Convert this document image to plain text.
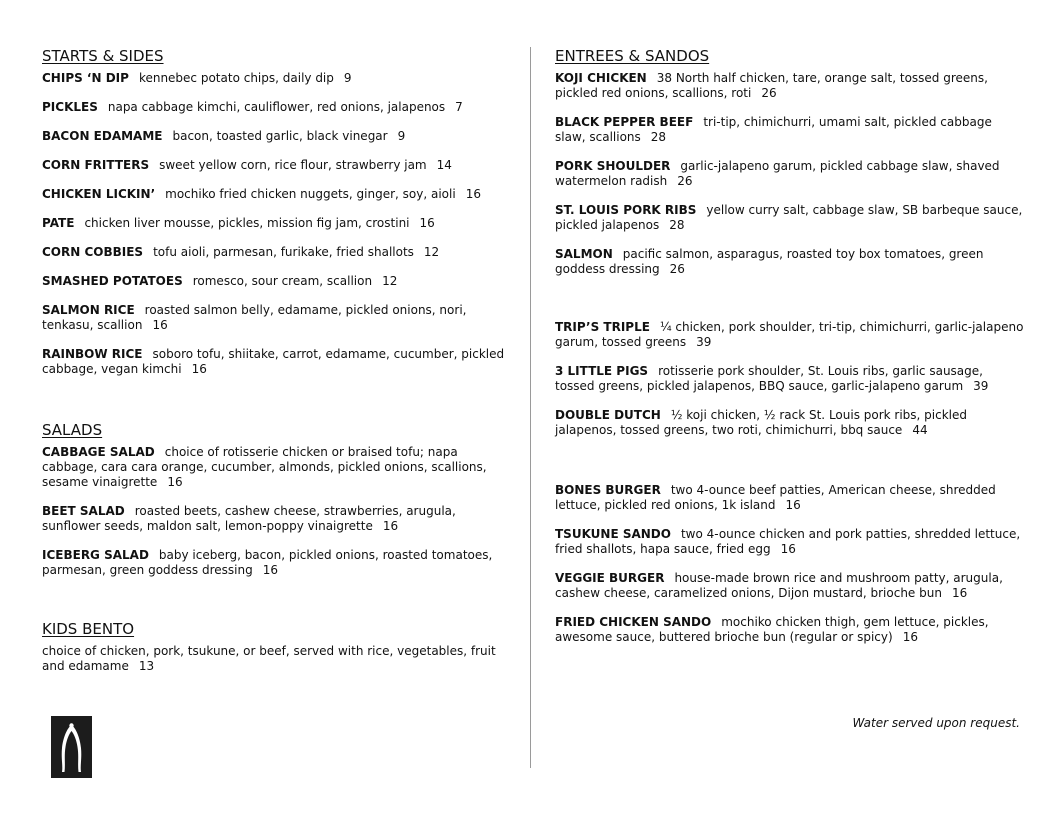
STARTS & SIDES

CHIPS ‘N DIP kennebec potato chips, daily dip 9

PICKLES napa cabbage kimchi, cauliflower, red onions, jalapenos 7

BACON EDAMAME bacon, toasted garlic, black vinegar 9

CORN FRITTERS sweet yellow corn, rice flour, strawberry jam 14

CHICKEN LICKIN’ mochiko fried chicken nuggets, ginger, soy, aioli 16

PATE chicken liver mousse, pickles, mission fig jam, crostini 16

CORN COBBIES tofu aioli, parmesan, furikake, fried shallots 12

SMASHED POTATOES romesco, sour cream, scallion 12

SALMON RICE roasted salmon belly, edamame, pickled onions, nori, tenkasu, scallion 16

RAINBOW RICE soboro tofu, shiitake, carrot, edamame, cucumber, pickled cabbage, vegan kimchi 16

SALADS

CABBAGE SALAD choice of rotisserie chicken or braised tofu; napa cabbage, cara cara orange, cucumber, almonds, pickled onions, scallions, sesame vinaigrette 16

BEET SALAD roasted beets, cashew cheese, strawberries, arugula, sunflower seeds, maldon salt, lemon-poppy vinaigrette 16

ICEBERG SALAD baby iceberg, bacon, pickled onions, roasted tomatoes, parmesan, green goddess dressing 16

KIDS BENTO
choice of chicken, pork, tsukune, or beef, served with rice, vegetables, fruit and edamame 13
ENTREES & SANDOS

KOJI CHICKEN 38 North half chicken, tare, orange salt, tossed greens, pickled red onions, scallions, roti 26

BLACK PEPPER BEEF tri-tip, chimichurri, umami salt, pickled cabbage slaw, scallions 28

PORK SHOULDER garlic-jalapeno garum, pickled cabbage slaw, shaved watermelon radish 26

ST. LOUIS PORK RIBS yellow curry salt, cabbage slaw, SB barbeque sauce, pickled jalapenos 28

SALMON pacific salmon, asparagus, roasted toy box tomatoes, green goddess dressing 26

TRIP’S TRIPLE ¼ chicken, pork shoulder, tri-tip, chimichurri, garlic-jalapeno garum, tossed greens 39

3 LITTLE PIGS rotisserie pork shoulder, St. Louis ribs, garlic sausage, tossed greens, pickled jalapenos, BBQ sauce, garlic-jalapeno garum 39

DOUBLE DUTCH ½ koji chicken, ½ rack St. Louis pork ribs, pickled jalapenos, tossed greens, two roti, chimichurri, bbq sauce 44

BONES BURGER two 4-ounce beef patties, American cheese, shredded lettuce, pickled red onions, 1k island 16

TSUKUNE SANDO two 4-ounce chicken and pork patties, shredded lettuce, fried shallots, hapa sauce, fried egg 16

VEGGIE BURGER house-made brown rice and mushroom patty, arugula, cashew cheese, caramelized onions, Dijon mustard, brioche bun 16

FRIED CHICKEN SANDO mochiko chicken thigh, gem lettuce, pickles, awesome sauce, buttered brioche bun (regular or spicy) 16

Water served upon request.
